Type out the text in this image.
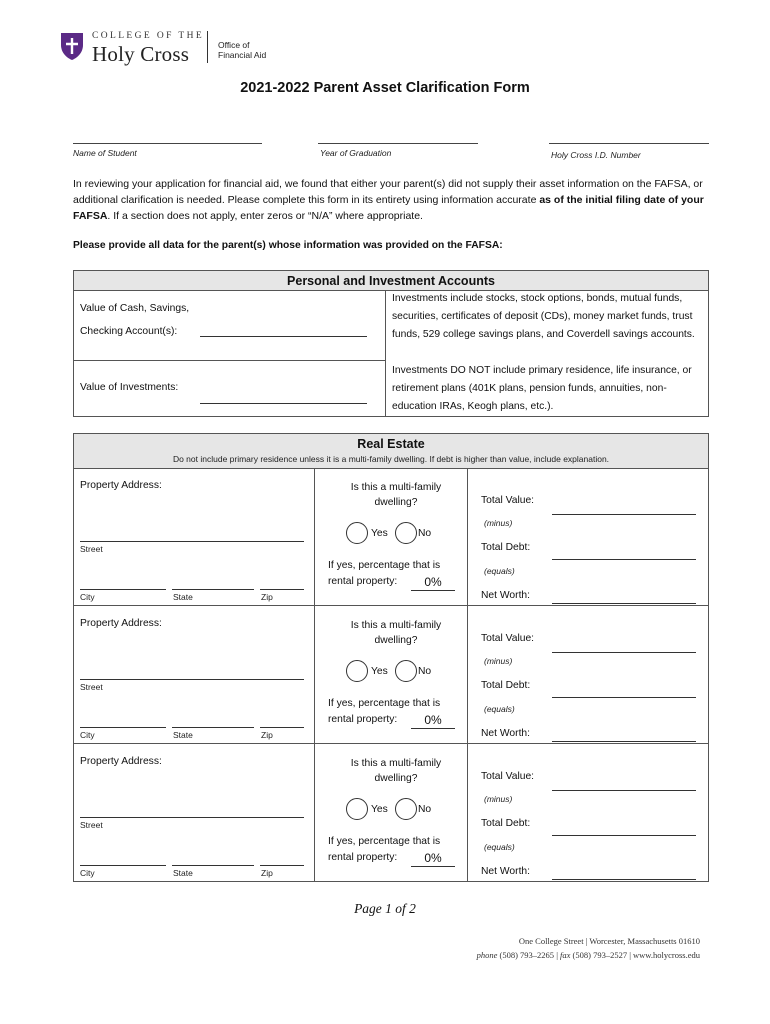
COLLEGE OF THE
Holy Cross	Office of
Financial Aid
2021-2022 Parent Asset Clarification Form
Name of Student	Year of Graduation	Holy Cross I.D. Number
In reviewing your application for financial aid, we found that either your parent(s) did not supply their asset information on the FAFSA, or additional clarification is needed. Please complete this form in its entirety using information accurate as of the initial filing date of your FAFSA. If a section does not apply, enter zeros or “N/A” where appropriate.
Please provide all data for the parent(s) whose information was provided on the FAFSA:
Personal and Investment Accounts
Value of Cash, Savings,
Checking Account(s):
Value of Investments:
Investments include stocks, stock options, bonds, mutual funds, securities, certificates of deposit (CDs), money market funds, trust funds, 529 college savings plans, and Coverdell savings accounts.
Investments DO NOT include primary residence, life insurance, or retirement plans (401K plans, pension funds, annuities, non-education IRAs, Keogh plans, etc.).
Real Estate
Do not include primary residence unless it is a multi-family dwelling. If debt is higher than value, include explanation.
Property Address:
Street
City	State	Zip
Is this a multi-family dwelling?
Yes	No
If yes, percentage that is
rental property:	0%
Total Value:
(minus)
Total Debt:
(equals)
Net Worth:
Property Address:
Street
City	State	Zip
Is this a multi-family dwelling?
Yes	No
If yes, percentage that is
rental property:	0%
Total Value:
(minus)
Total Debt:
(equals)
Net Worth:
Property Address:
Street
City	State	Zip
Is this a multi-family dwelling?
Yes	No
If yes, percentage that is
rental property:	0%
Total Value:
(minus)
Total Debt:
(equals)
Net Worth:
Page 1 of 2
One College Street | Worcester, Massachusetts 01610
phone (508) 793–2265 | fax (508) 793–2527 | www.holycross.edu
